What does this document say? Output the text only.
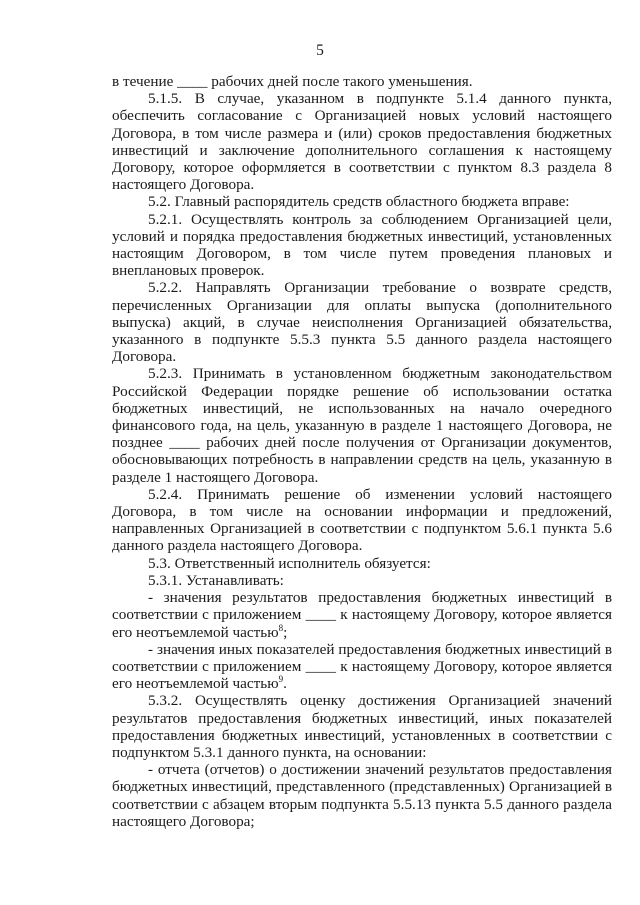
5

в течение ____ рабочих дней после такого уменьшения.

5.1.5. В случае, указанном в подпункте 5.1.4 данного пункта, обеспечить согласование с Организацией новых условий настоящего Договора, в том числе размера и (или) сроков предоставления бюджетных инвестиций и заключение дополнительного соглашения к настоящему Договору, которое оформляется в соответствии с пунктом 8.3 раздела 8 настоящего Договора.

5.2. Главный распорядитель средств областного бюджета вправе:

5.2.1. Осуществлять контроль за соблюдением Организацией цели, условий и порядка предоставления бюджетных инвестиций, установленных настоящим Договором, в том числе путем проведения плановых и внеплановых проверок.

5.2.2. Направлять Организации требование о возврате средств, перечисленных Организации для оплаты выпуска (дополнительного выпуска) акций, в случае неисполнения Организацией обязательства, указанного в подпункте 5.5.3 пункта 5.5 данного раздела настоящего Договора.

5.2.3. Принимать в установленном бюджетным законодательством Российской Федерации порядке решение об использовании остатка бюджетных инвестиций, не использованных на начало очередного финансового года, на цель, указанную в разделе 1 настоящего Договора, не позднее ____ рабочих дней после получения от Организации документов, обосновывающих потребность в направлении средств на цель, указанную в разделе 1 настоящего Договора.

5.2.4. Принимать решение об изменении условий настоящего Договора, в том числе на основании информации и предложений, направленных Организацией в соответствии с подпунктом 5.6.1 пункта 5.6 данного раздела настоящего Договора.

5.3. Ответственный исполнитель обязуется:

5.3.1. Устанавливать:

- значения результатов предоставления бюджетных инвестиций в соответствии с приложением ____ к настоящему Договору, которое является его неотъемлемой частью$^8$;

- значения иных показателей предоставления бюджетных инвестиций в соответствии с приложением ____ к настоящему Договору, которое является его неотъемлемой частью$^9$.

5.3.2. Осуществлять оценку достижения Организацией значений результатов предоставления бюджетных инвестиций, иных показателей предоставления бюджетных инвестиций, установленных в соответствии с подпунктом 5.3.1 данного пункта, на основании:

- отчета (отчетов) о достижении значений результатов предоставления бюджетных инвестиций, представленного (представленных) Организацией в соответствии с абзацем вторым подпункта 5.5.13 пункта 5.5 данного раздела настоящего Договора;
